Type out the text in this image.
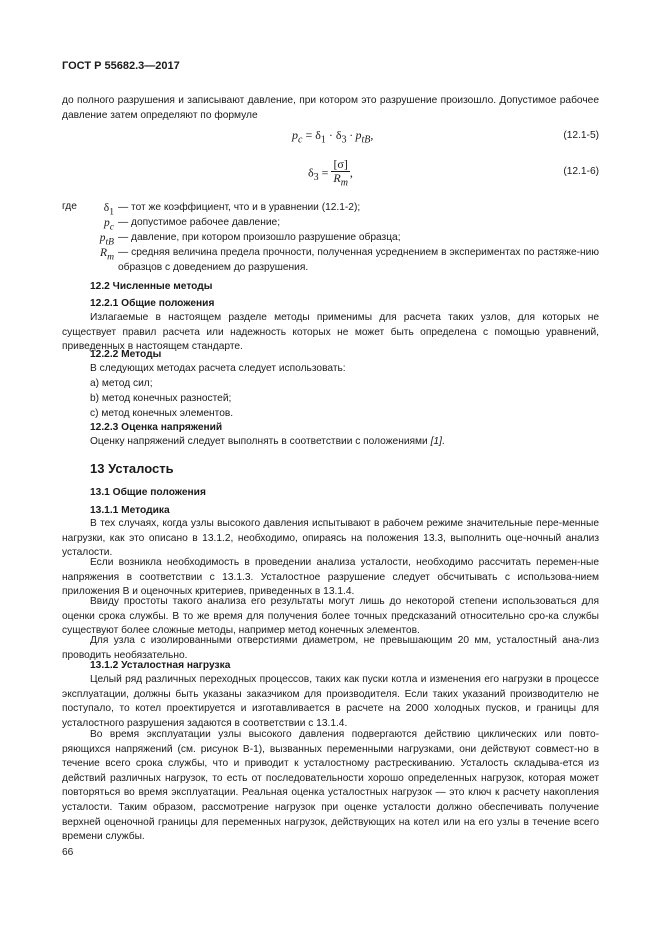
ГОСТ Р 55682.3—2017
до полного разрушения и записывают давление, при котором это разрушение произошло. Допустимое рабочее давление затем определяют по формуле
$p_c = \delta_1 \cdot \delta_3 \cdot p_{tB}$,	(12.1-5)
$\delta_3 = \frac{[\sigma]}{R_m}$ ,	(12.1-6)
где	$\delta_1$ — тот же коэффициент, что и в уравнении (12.1-2);
$p_c$ — допустимое рабочее давление;
$p_{tB}$ — давление, при котором произошло разрушение образца;
$R_m$ — средняя величина предела прочности, полученная усреднением в экспериментах по растяже-нию образцов с доведением до разрушения.
12.2 Численные методы
12.2.1 Общие положения
Излагаемые в настоящем разделе методы применимы для расчета таких узлов, для которых не существует правил расчета или надежность которых не может быть определена с помощью уравнений, приведенных в настоящем стандарте.
12.2.2 Методы
В следующих методах расчета следует использовать:
а) метод сил;
b) метод конечных разностей;
c) метод конечных элементов.
12.2.3 Оценка напряжений
Оценку напряжений следует выполнять в соответствии с положениями [1].
13 Усталость
13.1 Общие положения
13.1.1 Методика
В тех случаях, когда узлы высокого давления испытывают в рабочем режиме значительные пере-менные нагрузки, как это описано в 13.1.2, необходимо, опираясь на положения 13.3, выполнить оце-ночный анализ усталости.
Если возникла необходимость в проведении анализа усталости, необходимо рассчитать перемен-ные напряжения в соответствии с 13.1.3. Усталостное разрушение следует обсчитывать с использова-нием приложения В и оценочных критериев, приведенных в 13.1.4.
Ввиду простоты такого анализа его результаты могут лишь до некоторой степени использоваться для оценки срока службы. В то же время для получения более точных предсказаний относительно сро-ка службы существуют более сложные методы, например метод конечных элементов.
Для узла с изолированными отверстиями диаметром, не превышающим 20 мм, усталостный ана-лиз проводить необязательно.
13.1.2 Усталостная нагрузка
Целый ряд различных переходных процессов, таких как пуски котла и изменения его нагрузки в процессе эксплуатации, должны быть указаны заказчиком для производителя. Если таких указаний производителю не поступало, то котел проектируется и изготавливается в расчете на 2000 холодных пусков, и границы для усталостного разрушения задаются в соответствии с 13.1.4.
Во время эксплуатации узлы высокого давления подвергаются действию циклических или повто-ряющихся напряжений (см. рисунок В-1), вызванных переменными нагрузками, они действуют совмест-но в течение всего срока службы, что и приводит к усталостному растрескиванию. Усталость складыва-ется из действий различных нагрузок, то есть от последовательности хорошо определенных нагрузок, которая может повторяться во время эксплуатации. Реальная оценка усталостных нагрузок — это ключ к расчету накопления усталости. Таким образом, рассмотрение нагрузок при оценке усталости должно обеспечивать получение верхней оценочной границы для переменных нагрузок, действующих на котел или на его узлы в течение всего времени службы.
66
